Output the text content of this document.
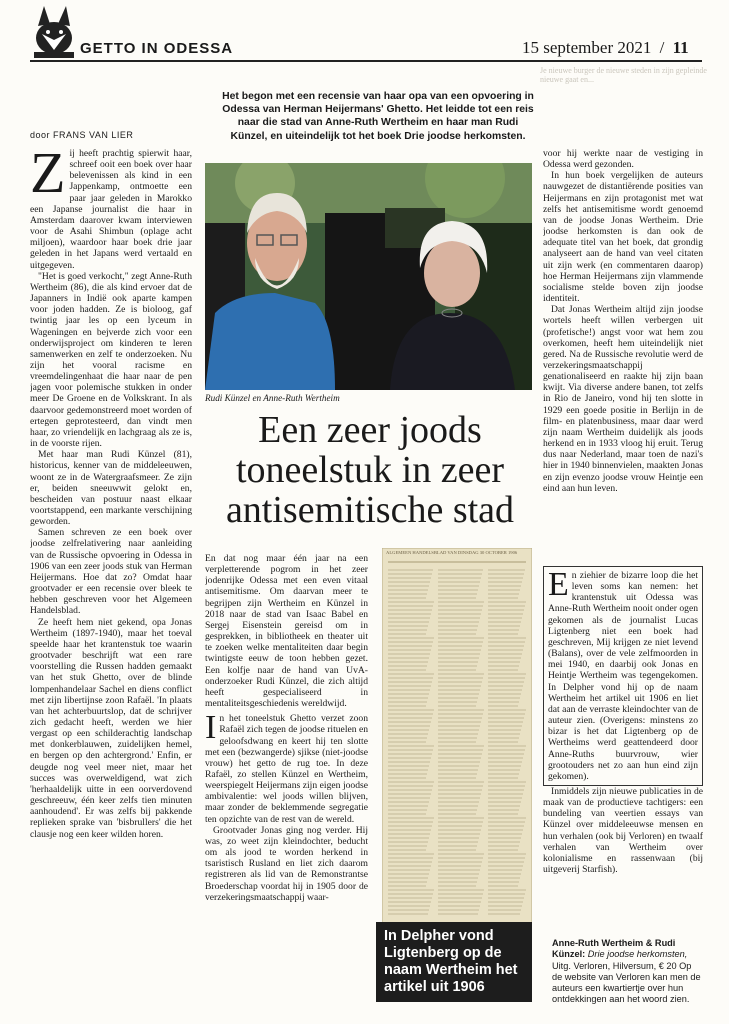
GETTO IN ODESSA	15 september 2021 / 11
Je nieuwe burger de nieuwe steden in zijn gepleinde nieuwe gaat en...
Het begon met een recensie van haar opa van een opvoering in Odessa van Herman Heijermans' Ghetto. Het leidde tot een reis naar die stad van Anne-Ruth Wertheim en haar man Rudi Künzel, en uiteindelijk tot het boek Drie joodse herkomsten.
Rudi Künzel en Anne-Ruth Wertheim
Een zeer joods toneelstuk in zeer antisemitische stad
door FRANS VAN LIER

Zij heeft prachtig spierwit haar, schreef ooit een boek over haar belevenissen als kind in een Jappenkamp, ontmoette een paar jaar geleden in Marokko een Japanse journalist die haar in Amsterdam daarover kwam interviewen voor de Asahi Shimbun (oplage acht miljoen), waardoor haar boek drie jaar geleden in het Japans werd vertaald en uitgegeven.

"Het is goed verkocht," zegt Anne-Ruth Wertheim (86), die als kind ervoer dat de Japanners in Indië ook aparte kampen voor joden hadden. Ze is bioloog, gaf twintig jaar les op een lyceum in Wageningen en bejverde zich voor een onderwijsproject om kinderen te leren samenwerken en zelf te onderzoeken. Nu zijn het vooral racisme en vreemdelingenhaat die haar naar de pen jagen voor polemische stukken in onder meer De Groene en de Volkskrant. In als daarvoor gedemonstreerd moet worden of ertegen geprotesteerd, dan vindt men haar, zo vriendelijk en lachgraag als ze is, in de voorste rijen.

Met haar man Rudi Künzel (81), historicus, kenner van de middeleeuwen, woont ze in de Watergraafsmeer. Ze zijn er, beiden sneeuwwit gelokt en, bescheiden van postuur naast elkaar voortstappend, een markante verschijning geworden.

Samen schreven ze een boek over joodse zelfrelativering naar aanleiding van de Russische opvoering in Odessa in 1906 van een zeer joods stuk van Herman Heijermans. Hoe dat zo? Omdat haar grootvader er een recensie over bleek te hebben geschreven voor het Algemeen Handelsblad.

Ze heeft hem niet gekend, opa Jonas Wertheim (1897-1940), maar het toeval speelde haar het krantenstuk toe waarin grootvader beschrijft wat een rare voorstelling die Russen hadden gemaakt van het stuk Ghetto, over de blinde lompenhandelaar Sachel en diens conflict met zijn libertijnse zoon Rafaël. 'In plaats van het achterbuurtslop, dat de schrijver zich gedacht heeft, werden we hier vergast op een schilderachtig landschap met donkerblauwen, zuidelijken hemel, en bergen op den achtergrond.' Enfin, er deugde nog veel meer niet, maar het succes was overweldigend, wat zich 'herhaaldelijk uitte in een oorverdovend geschreeuw, één keer zelfs tien minuten aanhoudend'. Er was zelfs bij pakkende replieken sprake van 'bisbrullers' die het clausje nog een keer wilden horen.

En dat nog maar één jaar na een verpletterende pogrom in het zeer jodenrijke Odessa met een even vitaal antisemitisme. Om daarvan meer te begrijpen zijn Wertheim en Künzel in 2018 naar de stad van Isaac Babel en Sergej Eisenstein gereisd om in gesprekken, in bibliotheek en theater uit te zoeken welke mentaliteiten daar begin twintigste eeuw de toon hebben gezet. Een kolfje naar de hand van UvA-onderzoeker Rudi Künzel, die zich altijd heeft gespecialiseerd in mentaliteitsgeschiedenis wereldwijd.

In het toneelstuk Ghetto verzet zoon Rafaël zich tegen de joodse rituelen en geloofsdwang en keert hij ten slotte met een (bezwangerde) sjikse (niet-joodse vrouw) het getto de rug toe. In deze Rafaël, zo stellen Künzel en Wertheim, weerspiegelt Heijermans zijn eigen joodse ambivalentie: wel joods willen blijven, maar zonder de beklemmende segregatie ten opzichte van de rest van de wereld.

Grootvader Jonas ging nog verder. Hij was, zo weet zijn kleindochter, beducht om als jood te worden herkend in tsaristisch Rusland en liet zich daarom registreren als lid van de Remonstrantse Broederschap voordat hij in 1905 door de verzekeringsmaatschappij waar-

ALGEMEEN HANDELSBLAD VAN DINSDAG 30 OCTOBER 1906
In Delpher vond Ligtenberg op de naam Wertheim het artikel uit 1906

voor hij werkte naar de vestiging in Odessa werd gezonden.

In hun boek vergelijken de auteurs nauwgezet de distantiërende posities van Heijermans en zijn protagonist met wat zelfs het antisemitisme wordt genoemd van de joodse Jonas Wertheim. Drie joodse herkomsten is dan ook de adequate titel van het boek, dat grondig analyseert aan de hand van veel citaten uit zijn werk (en commentaren daarop) hoe Herman Heijermans zijn vlammende socialisme stelde boven zijn joodse identiteit.

Dat Jonas Wertheim altijd zijn joodse wortels heeft willen verbergen uit (profetische!) angst voor wat hem zou overkomen, heeft hem uiteindelijk niet gered. Na de Russische revolutie werd de verzekeringsmaatschappij genationaliseerd en raakte hij zijn baan kwijt. Via diverse andere banen, tot zelfs in Rio de Janeiro, vond hij ten slotte in 1929 een goede positie in Berlijn in de film- en platenbusiness, maar daar werd zijn naam Wertheim duidelijk als joods herkend en in 1933 vloog hij eruit. Terug dus naar Nederland, maar toen de nazi's hier in 1940 binnenvielen, maakten Jonas en zijn evenzo joodse vrouw Heintje een eind aan hun leven.

En ziehier de bizarre loop die het leven soms kan nemen: het krantenstuk uit Odessa was Anne-Ruth Wertheim nooit onder ogen gekomen als de journalist Lucas Ligtenberg niet een boek had geschreven, Mij krijgen ze niet levend (Balans), over de vele zelfmoorden in mei 1940, en daarbij ook Jonas en Heintje Wertheim was tegengekomen. In Delpher vond hij op de naam Wertheim het artikel uit 1906 en liet dat aan de verraste kleindochter van de auteur zien. (Overigens: minstens zo bizar is het dat Ligtenberg op de Wertheims werd geattendeerd door Anne-Ruths buurvrouw, wier grootouders net zo aan hun eind zijn gekomen).

Inmiddels zijn nieuwe publicaties in de maak van de productieve tachtigers: een bundeling van veertien essays van Künzel over middeleeuwse mensen en hun verhalen (ook bij Verloren) en twaalf verhalen van Wertheim over kolonialisme en rassenwaan (bij uitgeverij Starfish).

Anne-Ruth Wertheim & Rudi Künzel: Drie joodse herkomsten, Uitg. Verloren, Hilversum, € 20 Op de website van Verloren kan men de auteurs een kwartiertje over hun ontdekkingen aan het woord zien.
